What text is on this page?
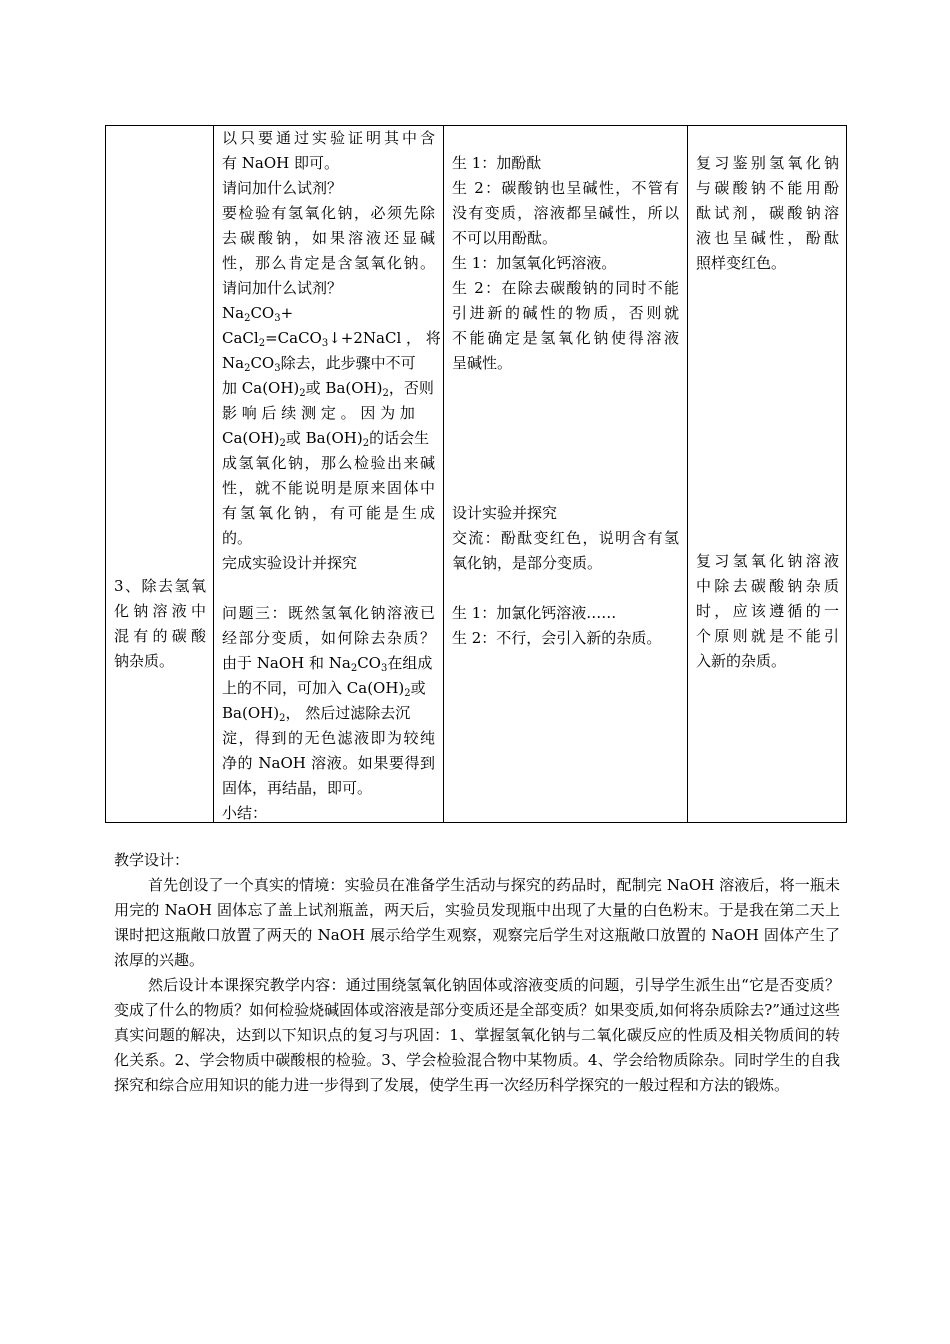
3、除去氢氧
化钠溶液中
混有的碳酸
钠杂质。

以只要通过实验证明其中含
有 NaOH 即可。
请问加什么试剂？
要检验有氢氧化钠，必须先除
去碳酸钠，如果溶液还显碱
性，那么肯定是含氢氧化钠。
请问加什么试剂？
$Na_2CO_3+$
CaCl$_2$=CaCO$_3$↓+2NaCl ， 将
$Na_2CO_3$除去，此步骤中不可
加 $Ca(OH)_2$或 $Ba(OH)_2$，否则
影 响 后 续 测 定 。 因 为 加
$Ca(OH)_2$或 $Ba(OH)_2$的话会生
成氢氧化钠，那么检验出来碱
性，就不能说明是原来固体中
有氢氧化钠，有可能是生成
的。
完成实验设计并探究
问题三：既然氢氧化钠溶液已
经部分变质，如何除去杂质？
由于 NaOH 和 $Na_2CO_3$在组成
上的不同，可加入 $Ca(OH)_2$或
$Ba(OH)_2$， 然后过滤除去沉
淀，得到的无色滤液即为较纯
净的 NaOH 溶液。如果要得到
固体，再结晶，即可。
小结：

生 1：加酚酞
生 2：碳酸钠也呈碱性，不管有
没有变质，溶液都呈碱性，所以
不可以用酚酞。
生 1：加氢氧化钙溶液。
生 2：在除去碳酸钠的同时不能
引进新的碱性的物质，否则就
不能确定是氢氧化钠使得溶液
呈碱性。
设计实验并探究
交流：酚酞变红色，说明含有氢
氧化钠，是部分变质。
生 1：加氯化钙溶液……
生 2：不行，会引入新的杂质。

复习鉴别氢氧化钠
与碳酸钠不能用酚
酞试剂，碳酸钠溶
液也呈碱性，酚酞
照样变红色。
复习氢氧化钠溶液
中除去碳酸钠杂质
时，应该遵循的一
个原则就是不能引
入新的杂质。

教学设计：

首先创设了一个真实的情境：实验员在准备学生活动与探究的药品时，配制完 NaOH 溶液后，将一瓶未用完的 NaOH 固体忘了盖上试剂瓶盖，两天后，实验员发现瓶中出现了大量的白色粉末。于是我在第二天上课时把这瓶敞口放置了两天的 NaOH 展示给学生观察，观察完后学生对这瓶敞口放置的 NaOH 固体产生了浓厚的兴趣。

然后设计本课探究教学内容：通过围绕氢氧化钠固体或溶液变质的问题，引导学生派生出“它是否变质？变成了什么的物质？如何检验烧碱固体或溶液是部分变质还是全部变质？如果变质,如何将杂质除去?”通过这些真实问题的解决，达到以下知识点的复习与巩固：1、掌握氢氧化钠与二氧化碳反应的性质及相关物质间的转化关系。2、学会物质中碳酸根的检验。3、学会检验混合物中某物质。4、学会给物质除杂。同时学生的自我探究和综合应用知识的能力进一步得到了发展，使学生再一次经历科学探究的一般过程和方法的锻炼。
